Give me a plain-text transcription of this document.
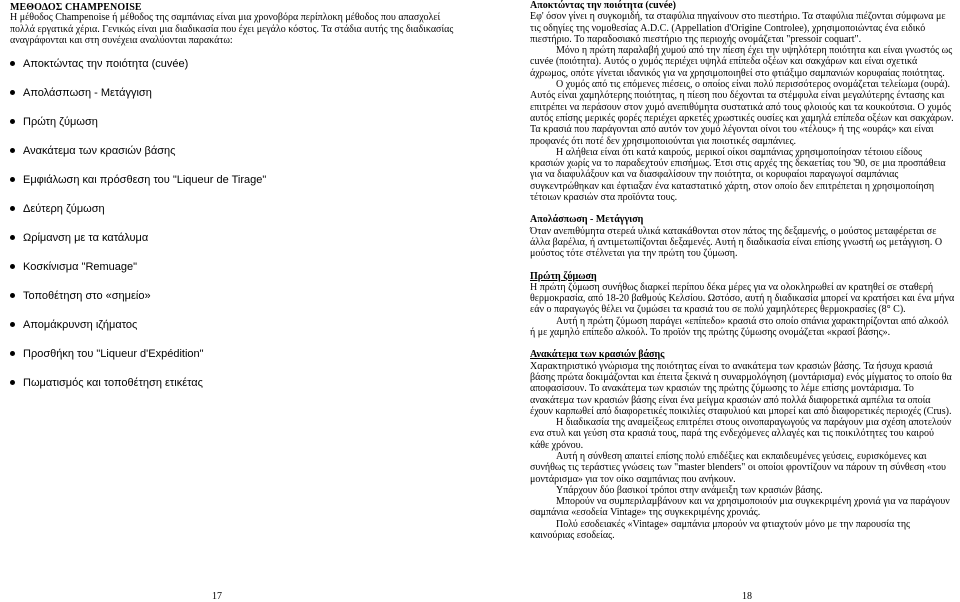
ΜΕΘΟΔΟΣ CHAMPENOISE
Η μέθοδος Champenoise ή μέθοδος της σαμπάνιας είναι μια χρονοβόρα περίπλοκη μέθοδος που απασχολεί πολλά εργατικά χέρια. Γενικώς είναι μια διαδικασία που έχει μεγάλο κόστος. Τα στάδια αυτής της διαδικασίας αναγράφονται και στη συνέχεια αναλύονται παρακάτω:
Αποκτώντας την ποιότητα (cuvée)
Απολάσπωση - Μετάγγιση
Πρώτη ζύμωση
Ανακάτεμα των κρασιών βάσης
Εμφιάλωση και πρόσθεση του "Liqueur de Tirage"
Δεύτερη ζύμωση
Ωρίμανση με τα κατάλυμα
Κοσκίνισμα "Remuage"
Τοποθέτηση στο «σημείο»
Απομάκρυνση ιζήματος
Προσθήκη του "Liqueur d'Expédition"
Πωματισμός και τοποθέτηση ετικέτας
17
Αποκτώντας την ποιότητα (cuvée)

Εφ' όσον γίνει η συγκομιδή, τα σταφύλια πηγαίνουν στο πιεστήριο. Τα σταφύλια πιέζονται σύμφωνα με τις οδηγίες της νομοθεσίας A.D.C. (Appellation d'Origine Controlee), χρησιμοποιώντας ένα ειδικό πιεστήριο. Το παραδοσιακό πιεστήριο της περιοχής ονομάζεται "pressoir coquart".

Μόνο η πρώτη παραλαβή χυμού από την πίεση έχει την υψηλότερη ποιότητα και είναι γνωστός ως cuvée (ποιότητα). Αυτός ο χυμός περιέχει υψηλά επίπεδα οξέων και σακχάρων και είναι σχετικά άχρωμος, οπότε γίνεται ιδανικός για να χρησιμοποιηθεί στο φτιάξιμο σαμπανιών κορυφαίας ποιότητας.

Ο χυμός από τις επόμενες πιέσεις, ο οποίος είναι πολύ περισσότερος ονομάζεται τελείωμα (ουρά). Αυτός είναι χαμηλότερης ποιότητας, η πίεση που δέχονται τα στέμφυλα είναι μεγαλύτερης έντασης και επιτρέπει να περάσουν στον χυμό ανεπιθύμητα συστατικά από τους φλοιούς και τα κουκούτσια. Ο χυμός αυτός επίσης μερικές φορές περιέχει αρκετές χρωστικές ουσίες και χαμηλά επίπεδα οξέων και σακχάρων. Τα κρασιά που παράγονται από αυτόν τον χυμό λέγονται οίνοι του «τέλους» ή της «ουράς» και είναι προφανές ότι ποτέ δεν χρησιμοποιούνται για ποιοτικές σαμπάνιες.

Η αλήθεια είναι ότι κατά καιρούς, μερικοί οίκοι σαμπάνιας χρησιμοποίησαν τέτοιου είδους κρασιών χωρίς να το παραδεχτούν επισήμως. Έτσι στις αρχές της δεκαετίας του '90, σε μια προσπάθεια για να διαφυλάξουν και να διασφαλίσουν την ποιότητα, οι κορυφαίοι παραγωγοί σαμπάνιας συγκεντρώθηκαν και έφτιαξαν ένα καταστατικό χάρτη, στον οποίο δεν επιτρέπεται η χρησιμοποίηση τέτοιων κρασιών στα προϊόντα τους.

Απολάσπωση - Μετάγγιση

Όταν ανεπιθύμητα στερεά υλικά κατακάθονται στον πάτος της δεξαμενής, ο μούστος μεταφέρεται σε άλλα βαρέλια, ή αντιμετωπίζονται δεξαμενές. Αυτή η διαδικασία είναι επίσης γνωστή ως μετάγγιση. Ο μούστος τότε στέλνεται για την πρώτη του ζύμωση.

Πρώτη ζύμωση

Η πρώτη ζύμωση συνήθως διαρκεί περίπου δέκα μέρες για να ολοκληρωθεί αν κρατηθεί σε σταθερή θερμοκρασία, από 18-20 βαθμούς Κελσίου. Ωστόσο, αυτή η διαδικασία μπορεί να κρατήσει και ένα μήνα εάν ο παραγωγός θέλει να ζυμώσει τα κρασιά του σε πολύ χαμηλότερες θερμοκρασίες (8° C).

Αυτή η πρώτη ζύμωση παράγει «επίπεδο» κρασιά στο οποίο σπάνια χαρακτηρίζονται από αλκοόλ ή με χαμηλό επίπεδο αλκοόλ. Το προϊόν της πρώτης ζύμωσης ονομάζεται «κρασί βάσης».

Ανακάτεμα των κρασιών βάσης

Χαρακτηριστικό γνώρισμα της ποιότητας είναι το ανακάτεμα των κρασιών βάσης. Τα ήσυχα κρασιά βάσης πρώτα δοκιμάζονται και έπειτα ξεκινά η συναρμολόγηση (μοντάρισμα) ενός μίγματος το οποίο θα αποφασίσουν. Το ανακάτεμα των κρασιών της πρώτης ζύμωσης το λέμε επίσης μοντάρισμα. Το ανακάτεμα των κρασιών βάσης είναι ένα μείγμα κρασιών από πολλά διαφορετικά αμπέλια τα οποία έχουν καρπωθεί από διαφορετικές ποικιλίες σταφυλιού και μπορεί και από διαφορετικές περιοχές (Crus).

Η διαδικασία της αναμείξεως επιτρέπει στους οινοπαραγωγούς να παράγουν μια σχέση αποτελούν ενα στυλ και γεύση στα κρασιά τους, παρά της ενδεχόμενες αλλαγές και τις ποικιλότητες του καιρού κάθε χρόνου.

Αυτή η σύνθεση απαιτεί επίσης πολύ επιδέξιες και εκπαιδευμένες γεύσεις, ευρισκόμενες και συνήθως τις τεράστιες γνώσεις των "master blenders" οι οποίοι φροντίζουν να πάρουν τη σύνθεση «του μοντάρισμα» για τον οίκο σαμπάνιας που ανήκουν.

Υπάρχουν δύο βασικοί τρόποι στην ανάμειξη των κρασιών βάσης.

Μπορούν να συμπεριλαμβάνουν και να χρησιμοποιούν μια συγκεκριμένη χρονιά για να παράγουν σαμπάνια «εσοδεία Vintage» της συγκεκριμένης χρονιάς.

Πολύ εσοδειακές «Vintage» σαμπάνια μπορούν να φτιαχτούν μόνο με την παρουσία της καινούριας εσοδείας.

18
